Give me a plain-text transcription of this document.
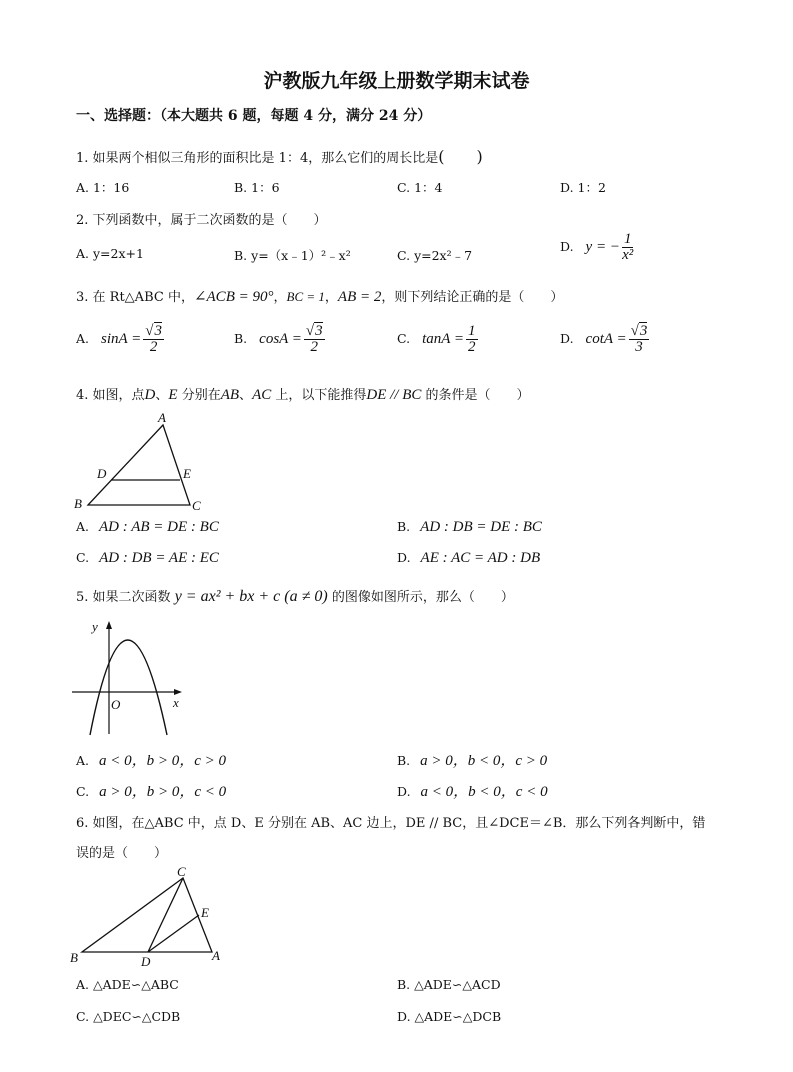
沪教版九年级上册数学期末试卷
一、选择题：（本大题共 6 题，每题 4 分，满分 24 分）
1. 如果两个相似三角形的面积比是 1：4，那么它们的周长比是(　　)
A. 1：16	B. 1：6	C. 1：4	D. 1：2
2. 下列函数中，属于二次函数的是（　　）
A. y=2x+1	B. y=（x﹣1）²﹣x²	C. y=2x²﹣7
D. y = − $\frac{1}{\text{x²}}$
3. 在 Rt△ABC 中，∠ACB = 90°，BC = 1，AB = 2，则下列结论正确的是（　　）
A. $\sin A = \frac{√3}{2}$	B. $\cos A = \frac{√3}{2}$	C. $\tan A = \frac{1}{2}$	D. $\cot A = \frac{√3}{3}$
4. 如图，点D、E 分别在AB、AC 上，以下能推得DE // BC 的条件是（　　）
A
B	C
D	E
A. AD : AB = DE : BC	B. AD : DB = DE : BC
C. AD : DB = AE : EC	D. AE : AC = AD : DB
5. 如果二次函数 y = ax² + bx + c (a ≠ 0) 的图像如图所示，那么（　　）
y
x
O
A. a < 0，b > 0，c > 0	B. a > 0，b < 0，c > 0
C. a > 0，b > 0，c < 0	D. a < 0，b < 0，c < 0
6. 如图，在△ABC 中，点 D、E 分别在 AB、AC 边上，DE // BC，且∠DCE＝∠B．那么下列各判断中，错
误的是（　　）
C
E
B	D	A
A. △ADE∽△ABC	B. △ADE∽△ACD
C. △DEC∽△CDB	D. △ADE∽△DCB
